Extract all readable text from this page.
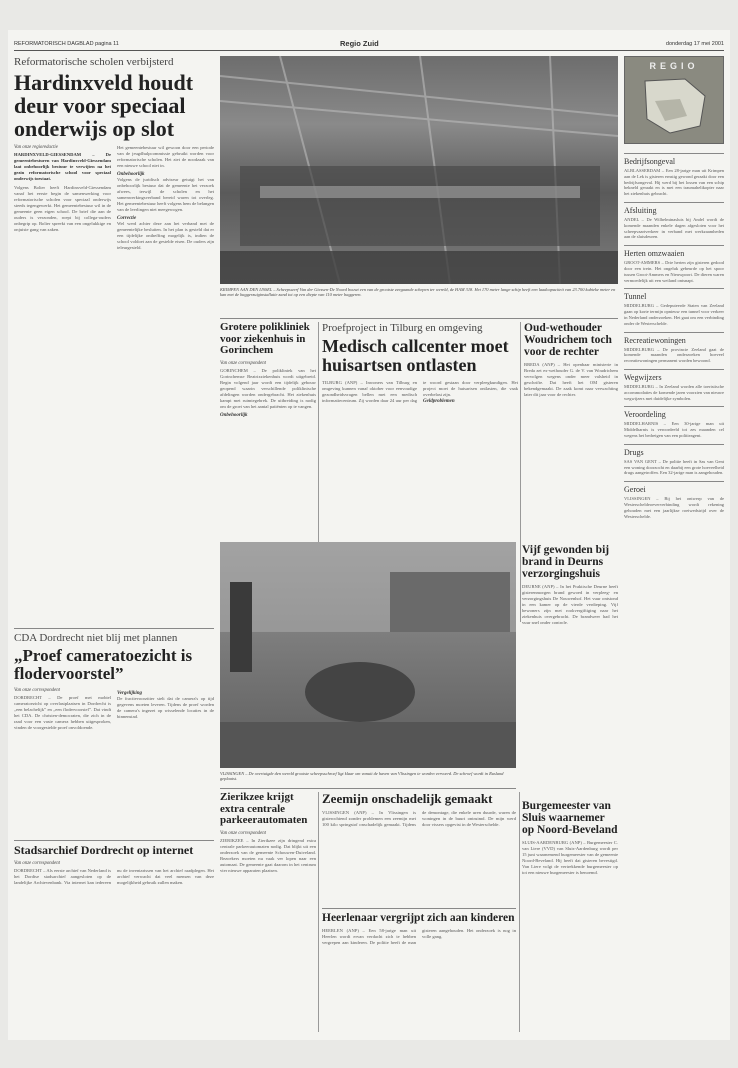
REFORMATORISCH DAGBLAD pagina 11	Regio Zuid	donderdag 17 mei 2001
Reformatorische scholen verbijsterd
Hardinxveld houdt deur voor speciaal onderwijs op slot
Van onze regioredactie
HARDINXVELD-GIESSENDAM – De gemeentebesturen van Hardinxveld-Giessendam laat onbehoorlijk bestuur te verwijten na het gezin reformatorische school voor speciaal onderwijs toestaat.
Volgens Bolier heeft Hardinxveld-Giessendam vanaf het eerste begin de samenwerking voor reformatorische scholen voor speciaal onderwijs steeds tegengewerkt. Het gemeentebestuur wil in de gemeente geen eigen school. De brief die aan de ouders is verzonden, roept bij collega-ouders onbegrip op. Bolier spreekt van een ongelukkige en onjuiste gang van zaken.
Het gemeentebestuur wil gewoon door een periode van de jeugdhulpcommissie gebruikt worden voor reformatorische scholen. Het ziet de noodzaak van een nieuwe school niet in.
Onbehoorlijk
Volgens de juridisch adviseur getuigt het van onbehoorlijk bestuur dat de gemeente het verzoek afwees, terwijl de scholen en het samenwerkingsverband bereid waren tot overleg. Het gemeentebestuur heeft volgens hem de belangen van de leerlingen niet meegewogen.
Correctie
Wel werd achter deze aan het verband met de gemeentelijke besluiten. In het plan is gesteld dat er een tijdelijke ontheffing mogelijk is, indien de school voldoet aan de gestelde eisen. De ouders zijn teleurgesteld.
KRIMPEN AAN DEN IJSSEL – Scheepswerf Van der Giessen-De Noord bouwt een van de grootste zeegaande schepen ter wereld, de HAM 318. Het 170 meter lange schip heeft een laadcapaciteit van 23.700 kubieke meter en kan met de baggerzuiginstallatie zand tot op een diepte van 110 meter baggeren.
REGIO
Bedrijfsongeval
ALBLASSERDAM – Een 28-jarige man uit Krimpen aan de Lek is gisteren ernstig gewond geraakt door een bedrijfsongeval. Hij werd bij het lossen van een schip bekneld geraakt en is met een traumahelikopter naar het ziekenhuis gebracht.
Afsluiting
ANDEL – De Wilhelminasluis bij Andel wordt de komende maanden enkele dagen afgesloten voor het scheepvaartverkeer in verband met werkzaamheden aan de sluisdeuren.
Herten omzwaaien
GROOT-AMMERS – Drie herten zijn gisteren gedood door een trein. Het ongeluk gebeurde op het spoor tussen Groot-Ammers en Nieuwpoort. De dieren waren vermoedelijk uit een weiland ontsnapt.
Tunnel
MIDDELBURG – Gedeputeerde Staten van Zeeland gaan op korte termijn opnieuw een tunnel voor verkeer in Nederland onderzoeken. Het gaat om een verbinding onder de Westerschelde.
Recreatiewoningen
MIDDELBURG – De provincie Zeeland gaat de komende maanden onderzoeken hoeveel recreatiewoningen permanent worden bewoond.
Wegwijzers
MIDDELBURG – In Zeeland worden alle toeristische accommodaties de komende jaren voorzien van nieuwe wegwijzers met duidelijke symbolen.
Veroordeling
MIDDELHARNIS – Een 30-jarige man uit Middelharnis is veroordeeld tot zes maanden cel wegens het bedreigen van een politieagent.
Drugs
SAS VAN GENT – De politie heeft in Sas van Gent een woning doorzocht en daarbij een grote hoeveelheid drugs aangetroffen. Een 32-jarige man is aangehouden.
Geroei
VLISSINGEN – Bij het ontwerp van de Westerscheldeoeververbinding wordt rekening gehouden met een jaarlijkse roeiwedstrijd over de Westerschelde.
Grotere polikliniek voor ziekenhuis in Gorinchem
Van onze correspondent
GORINCHEM – De polikliniek van het Gorinchemse Beatrixziekenhuis wordt uitgebreid. Begin volgend jaar wordt een tijdelijk gebouw geopend waarin verschillende poliklinische afdelingen worden ondergebracht. Het ziekenhuis kampt met ruimtegebrek. De uitbreiding is nodig om de groei van het aantal patiënten op te vangen.
Onbehoorlijk
Proefproject in Tilburg en omgeving
Medisch callcenter moet huisartsen ontlasten
TILBURG (ANP) – Inwoners van Tilburg en omgeving kunnen vanaf oktober voor eenvoudige gezondheidsvragen bellen met een medisch informatiecentrum. Zij worden daar 24 uur per dag te woord gestaan door verpleegkundigen. Het project moet de huisartsen ontlasten, die vaak overbelast zijn.
Geldproblemen
Oud-wethouder Woudrichem toch voor de rechter
BREDA (ANP) – Het openbaar ministerie in Breda zet ex-wethouder G. de V. van Woudrichem vervolgen wegens onder meer valsheid in geschrifte. Dat heeft het OM gisteren bekendgemaakt. De zaak komt naar verwachting later dit jaar voor de rechter.
CDA Dordrecht niet blij met plannen
„Proef cameratoezicht is flodervoorstel”
Van onze correspondent
DORDRECHT – De proef met mobiel cameratoezicht op overlastplaatsen in Dordrecht is „een belachelijk” en „een flodervoorstel”. Dat vindt het CDA. De christen-democraten, die zich in de raad voor een vaste camera hebben uitgesproken, vinden de voorgestelde proef onvoldoende.
Vergelijking
De fractievoorzitter stelt dat de camera's op tijd gegevens moeten leveren. Tijdens de proef worden de camera's ingezet op wisselende locaties in de binnenstad.
Stadsarchief Dordrecht op internet
Van onze correspondent
DORDRECHT – Als eerste archief van Nederland is het Dordtse stadsarchief aangesloten op de landelijke Archievenbank. Via internet kan iedereen nu de inventarissen van het archief raadplegen. Het archief verwacht dat veel mensen van deze mogelijkheid gebruik zullen maken.
VLISSINGEN – De overtuigde den wereld grootste scheepsschroef ligt klaar om vanuit de haven van Vlissingen te worden vervoerd. De schroef wordt in Rusland geplaatst.
Vijf gewonden bij brand in Deurns verzorgingshuis
DEURNE (ANP) – In het Praktische Deurne heeft gisterenmorgen brand gewoed in verpleeg- en verzorgingshuis De Nouwenhof. Het vuur ontstond in een kamer op de vierde verdieping. Vijf bewoners zijn met rookvergiftiging naar het ziekenhuis overgebracht. De brandweer had het vuur snel onder controle.
Zierikzee krijgt extra centrale parkeerautomaten
Van onze correspondent
ZIERIKZEE – In Zierikzee zijn dringend extra centrale parkeerautomaten nodig. Dat blijkt uit een onderzoek van de gemeente Schouwen-Duiveland. Bezoekers moeten nu vaak ver lopen naar een automaat. De gemeente gaat daarom in het centrum vier nieuwe apparaten plaatsen.
Zeemijn onschadelijk gemaakt
VLISSINGEN (ANP) – In Vlissingen is gisterochtend zonder problemen een zeemijn met 100 kilo springstof onschadelijk gemaakt. Tijdens de demontage, die enkele uren duurde, waren de woningen in de buurt ontruimd. De mijn werd door vissers opgevist in de Westerschelde.
Heerlenaar vergrijpt zich aan kinderen
HEERLEN (ANP) – Een 58-jarige man uit Heerlen wordt ervan verdacht zich te hebben vergrepen aan kinderen. De politie heeft de man gisteren aangehouden. Het onderzoek is nog in volle gang.
Burgemeester van Sluis waarnemer op Noord-Beveland
SLUIS-AARDENBURG (ANP) – Burgemeester C. van Liere (VVD) van Sluis-Aardenburg wordt per 15 juni waarnemend burgemeester van de gemeente Noord-Beveland. Hij heeft dat gisteren bevestigd. Van Liere volgt de vertrekkende burgemeester op tot een nieuwe burgemeester is benoemd.
